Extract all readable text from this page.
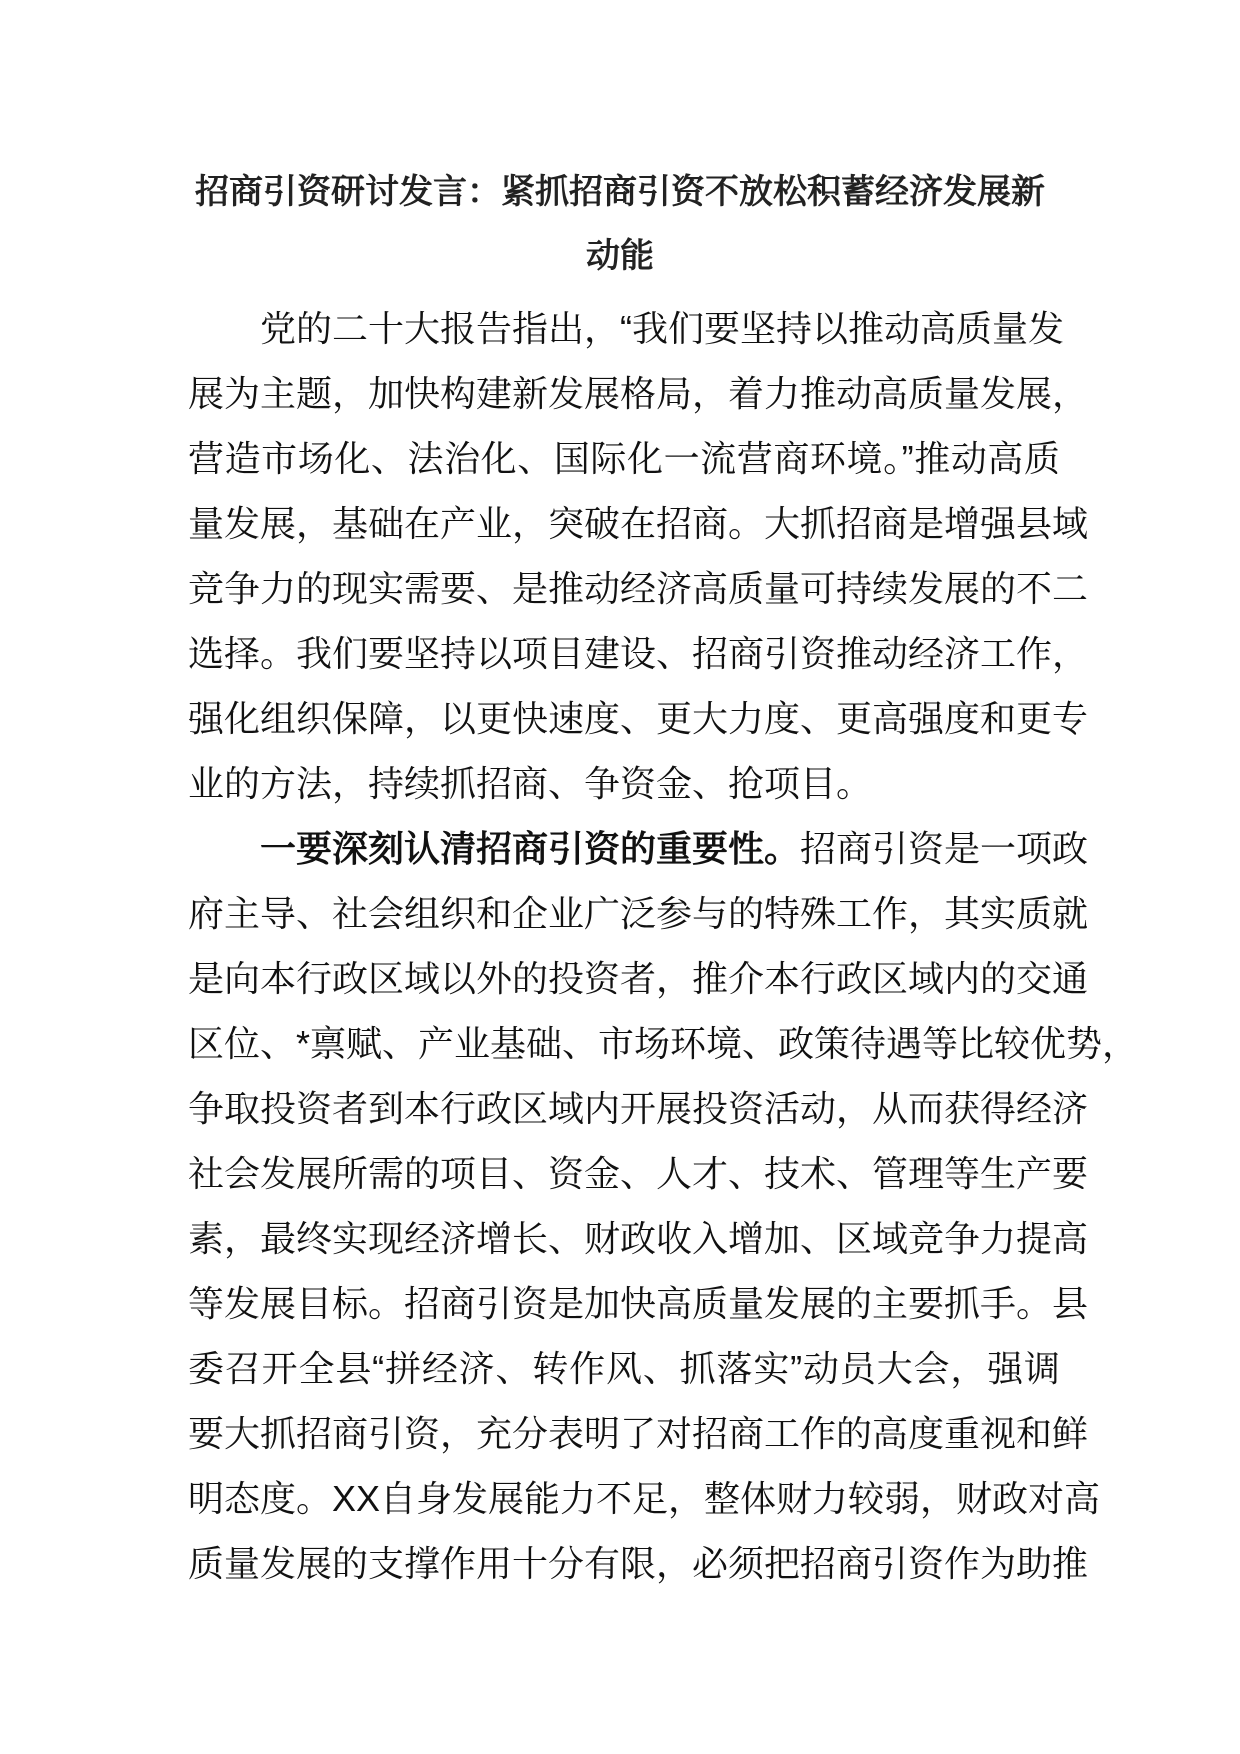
招商引资研讨发言：紧抓招商引资不放松积蓄经济发展新
动能
党的二十大报告指出，“我们要坚持以推动高质量发
展为主题，加快构建新发展格局，着力推动高质量发展，
营造市场化、法治化、国际化一流营商环境。”推动高质
量发展，基础在产业，突破在招商。大抓招商是增强县域
竞争力的现实需要、是推动经济高质量可持续发展的不二
选择。我们要坚持以项目建设、招商引资推动经济工作，
强化组织保障，以更快速度、更大力度、更高强度和更专
业的方法，持续抓招商、争资金、抢项目。
一要深刻认清招商引资的重要性。招商引资是一项政
府主导、社会组织和企业广泛参与的特殊工作，其实质就
是向本行政区域以外的投资者，推介本行政区域内的交通
区位、*禀赋、产业基础、市场环境、政策待遇等比较优势，
争取投资者到本行政区域内开展投资活动，从而获得经济
社会发展所需的项目、资金、人才、技术、管理等生产要
素，最终实现经济增长、财政收入增加、区域竞争力提高
等发展目标。招商引资是加快高质量发展的主要抓手。县
委召开全县“拼经济、转作风、抓落实”动员大会，强调
要大抓招商引资，充分表明了对招商工作的高度重视和鲜
明态度。XX自身发展能力不足，整体财力较弱，财政对高
质量发展的支撑作用十分有限，必须把招商引资作为助推
